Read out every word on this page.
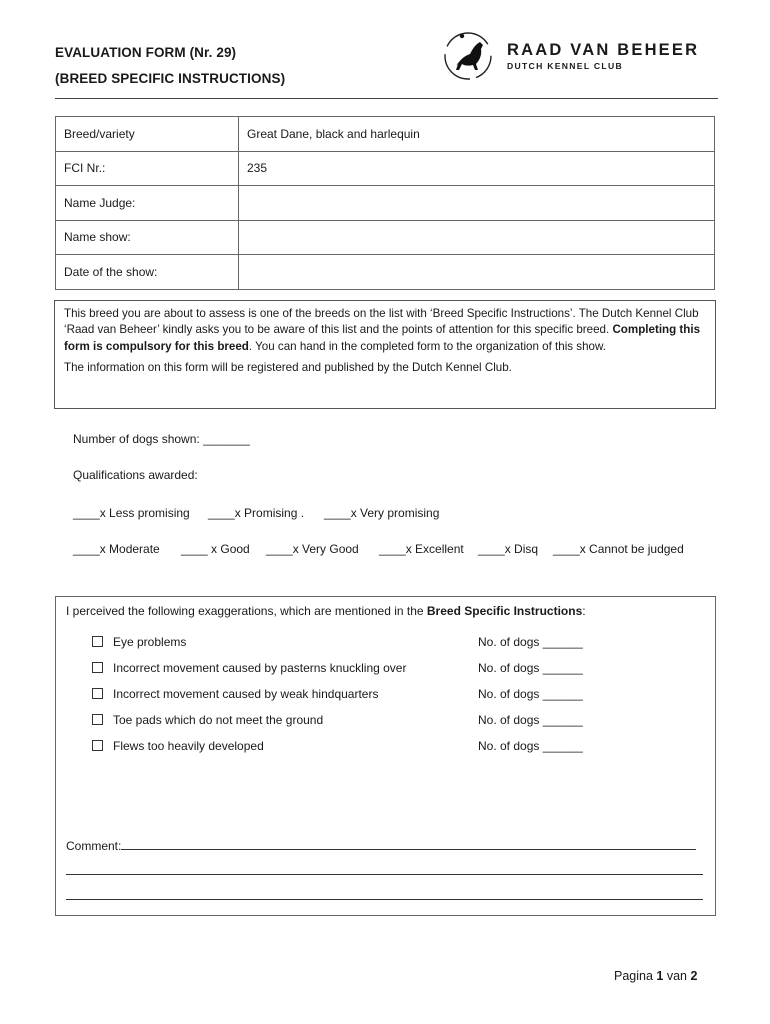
EVALUATION FORM (Nr. 29)
(BREED SPECIFIC INSTRUCTIONS)
RAAD VAN BEHEER
DUTCH KENNEL CLUB
Breed/variety	Great Dane, black and harlequin
FCI Nr.:	235
Name Judge:	
Name show:	
Date of the show:	

This breed you are about to assess is one of the breeds on the list with ‘Breed Specific Instructions’. The Dutch Kennel Club ‘Raad van Beheer’ kindly asks you to be aware of this list and the points of attention for this specific breed. Completing this form is compulsory for this breed. You can hand in the completed form to the organization of this show.

The information on this form will be registered and published by the Dutch Kennel Club.

Number of dogs shown: _______
Qualifications awarded:
____x Less promising ____x Promising . ____x Very promising
____x Moderate ____ x Good ____x Very Good ____x Excellent ____x Disq ____x Cannot be judged
I perceived the following exaggerations, which are mentioned in the Breed Specific Instructions:
Eye problems	No. of dogs ______
Incorrect movement caused by pasterns knuckling over	No. of dogs ______
Incorrect movement caused by weak hindquarters	No. of dogs ______
Toe pads which do not meet the ground	No. of dogs ______
Flews too heavily developed	No. of dogs ______
Comment:
Pagina 1 van 2
